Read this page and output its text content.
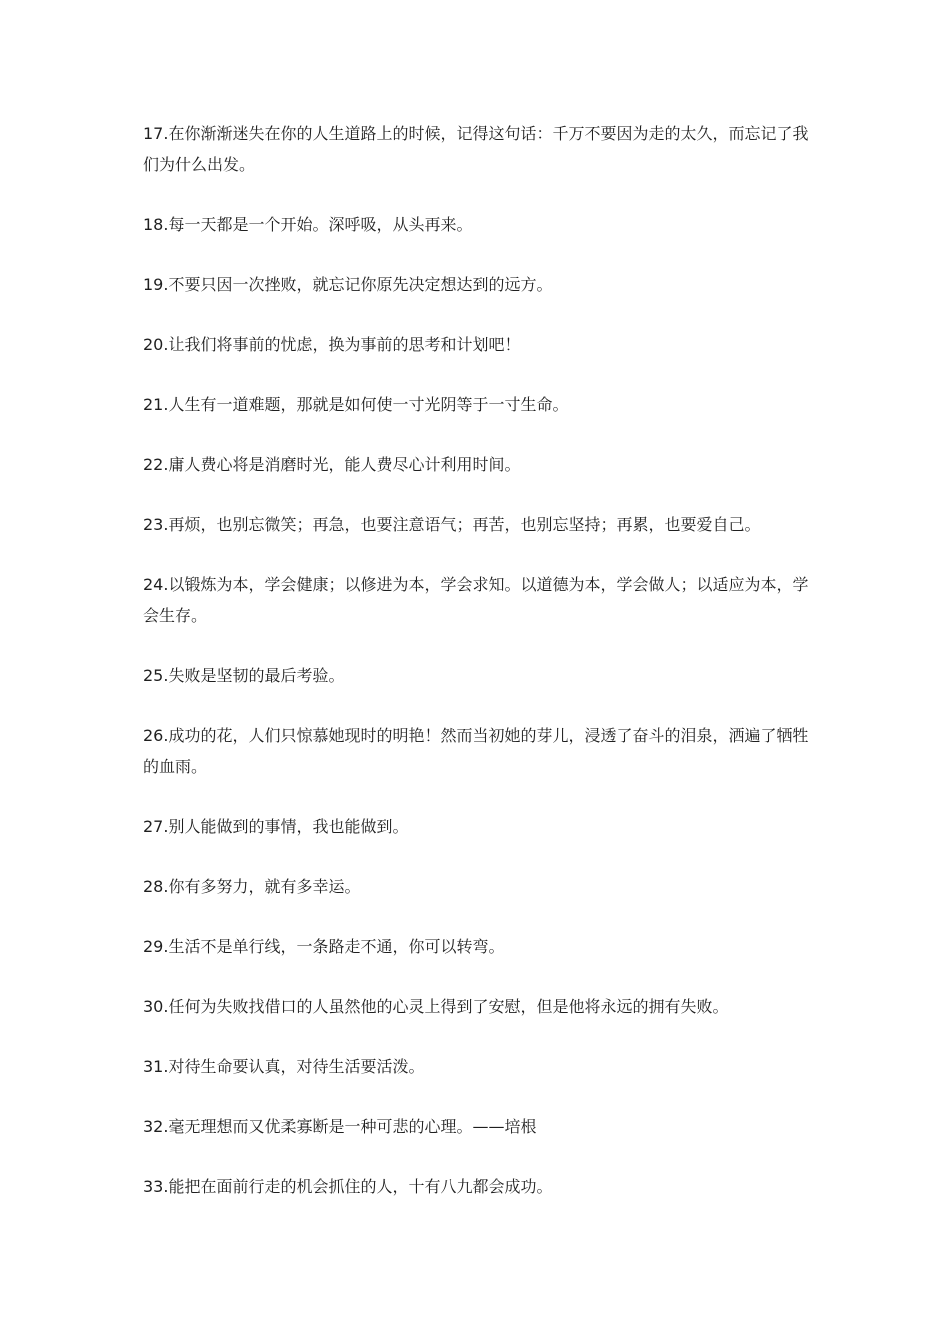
17.在你渐渐迷失在你的人生道路上的时候，记得这句话：千万不要因为走的太久，而忘记了我们为什么出发。

18.每一天都是一个开始。深呼吸，从头再来。

19.不要只因一次挫败，就忘记你原先决定想达到的远方。

20.让我们将事前的忧虑，换为事前的思考和计划吧！

21.人生有一道难题，那就是如何使一寸光阴等于一寸生命。

22.庸人费心将是消磨时光，能人费尽心计利用时间。

23.再烦，也别忘微笑；再急，也要注意语气；再苦，也别忘坚持；再累，也要爱自己。

24.以锻炼为本，学会健康；以修进为本，学会求知。以道德为本，学会做人；以适应为本，学会生存。

25.失败是坚韧的最后考验。

26.成功的花，人们只惊慕她现时的明艳！然而当初她的芽儿，浸透了奋斗的泪泉，洒遍了牺牲的血雨。

27.别人能做到的事情，我也能做到。

28.你有多努力，就有多幸运。

29.生活不是单行线，一条路走不通，你可以转弯。

30.任何为失败找借口的人虽然他的心灵上得到了安慰，但是他将永远的拥有失败。

31.对待生命要认真，对待生活要活泼。

32.毫无理想而又优柔寡断是一种可悲的心理。——培根

33.能把在面前行走的机会抓住的人，十有八九都会成功。
